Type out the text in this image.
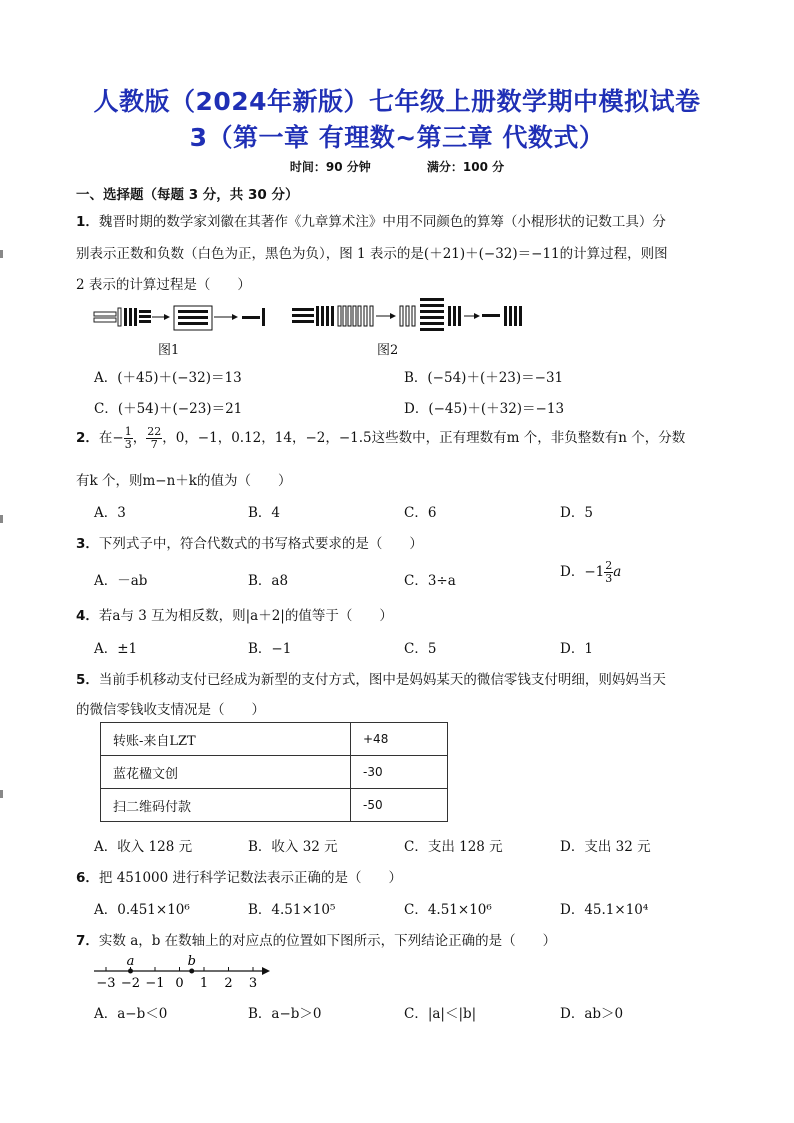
人教版（2024年新版）七年级上册数学期中模拟试卷
3（第一章 有理数~第三章 代数式）
时间：90 分钟	满分：100 分
一、选择题（每题 3 分，共 30 分）
1．魏晋时期的数学家刘徽在其著作《九章算术注》中用不同颜色的算筹（小棍形状的记数工具）分
别表示正数和负数（白色为正，黑色为负），图 1 表示的是(＋21)＋(−32)＝−11的计算过程，则图
2 表示的计算过程是（　　）
图1	图2
A．(＋45)＋(−32)＝13	B．(−54)＋(＋23)＝−31
C．(＋54)＋(−23)＝21	D．(−45)＋(＋32)＝−13
2．在− $\frac{1}{3}$ ， $\frac{22}{7}$ ，0，−1，0.12，14，−2，−1.5这些数中，正有理数有m 个，非负整数有n 个，分数
有k 个，则m−n＋k的值为（　　）
A．3	B．4	C．6	D．5
3．下列式子中，符合代数式的书写格式要求的是（　　）
A．－ab	B．a8	C．3÷a
D．$-1 \frac{2}{3}$ a
4．若a与 3 互为相反数，则|a＋2|的值等于（　　）
A．±1	B．−1	C．5	D．1
5．当前手机移动支付已经成为新型的支付方式，图中是妈妈某天的微信零钱支付明细，则妈妈当天
的微信零钱收支情况是（　　）
转账-来自LZT	+48
蓝花楹文创	-30
扫二维码付款	-50
A．收入 128 元	B．收入 32 元	C．支出 128 元	D．支出 32 元
6．把 451000 进行科学记数法表示正确的是（　　）
A．0.451×10⁶	B．4.51×10⁵	C．4.51×10⁶	D．45.1×10⁴
7．实数 a，b 在数轴上的对应点的位置如下图所示，下列结论正确的是（　　）
−3 −2 −1 0 1 2 3
a	b
A．a−b＜0	B．a−b＞0	C．|a|＜|b|	D．ab＞0
